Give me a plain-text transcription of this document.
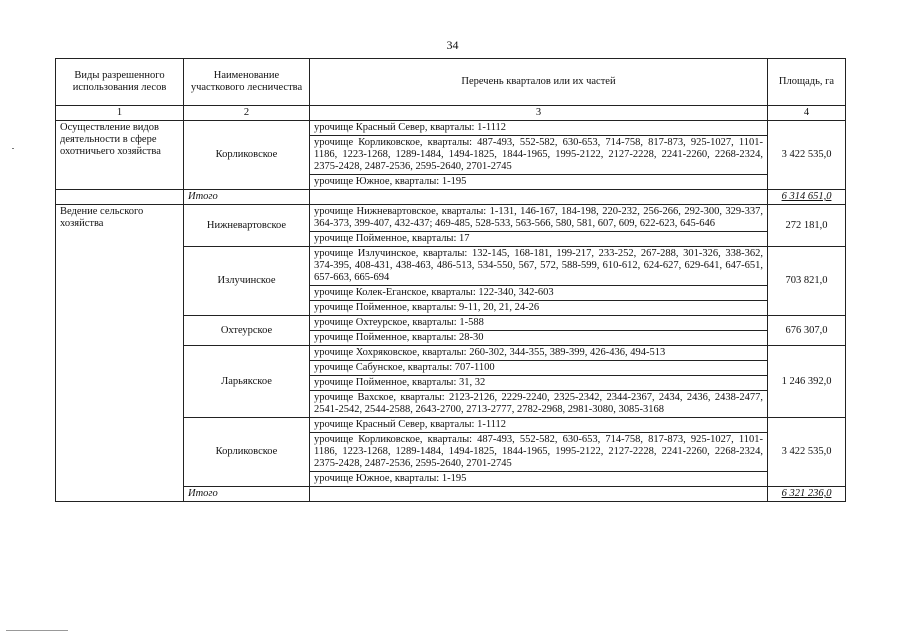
34
Виды разрешенного использования лесов	Наименование участкового лесничества	Перечень кварталов или их частей	Площадь, га
1	2	3	4
Осуществление видов деятельности в сфере охотничьего хозяйства	Корликовское	урочище Красный Север, кварталы: 1-1112	3 422 535,0
		урочище Корликовское, кварталы: 487-493, 552-582, 630-653, 714-758, 817-873, 925-1027, 1101-1186, 1223-1268, 1289-1484, 1494-1825, 1844-1965, 1995-2122, 2127-2228, 2241-2260, 2268-2324, 2375-2428, 2487-2536, 2595-2640, 2701-2745	
		урочище Южное, кварталы: 1-195	
	Итого		6 314 651,0
Ведение сельского хозяйства	Нижневартовское	урочище Нижневартовское, кварталы: 1-131, 146-167, 184-198, 220-232, 256-266, 292-300, 329-337, 364-373, 399-407, 432-437; 469-485, 528-533, 563-566, 580, 581, 607, 609, 622-623, 645-646	272 181,0
		урочище Пойменное, кварталы: 17	
	Излучинское	урочище Излучинское, кварталы: 132-145, 168-181, 199-217, 233-252, 267-288, 301-326, 338-362, 374-395, 408-431, 438-463, 486-513, 534-550, 567, 572, 588-599, 610-612, 624-627, 629-641, 647-651, 657-663, 665-694	703 821,0
		урочище Колек-Еганское, кварталы: 122-340, 342-603	
		урочище Пойменное, кварталы: 9-11, 20, 21, 24-26	
	Охтеурское	урочище Охтеурское, кварталы: 1-588	676 307,0
		урочище Пойменное, кварталы: 28-30	
	Ларьякское	урочище Хохряковское, кварталы: 260-302, 344-355, 389-399, 426-436, 494-513	1 246 392,0
		урочище Сабунское, кварталы: 707-1100	
		урочище Пойменное, кварталы: 31, 32	
		урочище Вахское, кварталы: 2123-2126, 2229-2240, 2325-2342, 2344-2367, 2434, 2436, 2438-2477, 2541-2542, 2544-2588, 2643-2700, 2713-2777, 2782-2968, 2981-3080, 3085-3168	
	Корликовское	урочище Красный Север, кварталы: 1-1112	3 422 535,0
		урочище Корликовское, кварталы: 487-493, 552-582, 630-653, 714-758, 817-873, 925-1027, 1101-1186, 1223-1268, 1289-1484, 1494-1825, 1844-1965, 1995-2122, 2127-2228, 2241-2260, 2268-2324, 2375-2428, 2487-2536, 2595-2640, 2701-2745	
		урочище Южное, кварталы: 1-195	
	Итого		6 321 236,0
